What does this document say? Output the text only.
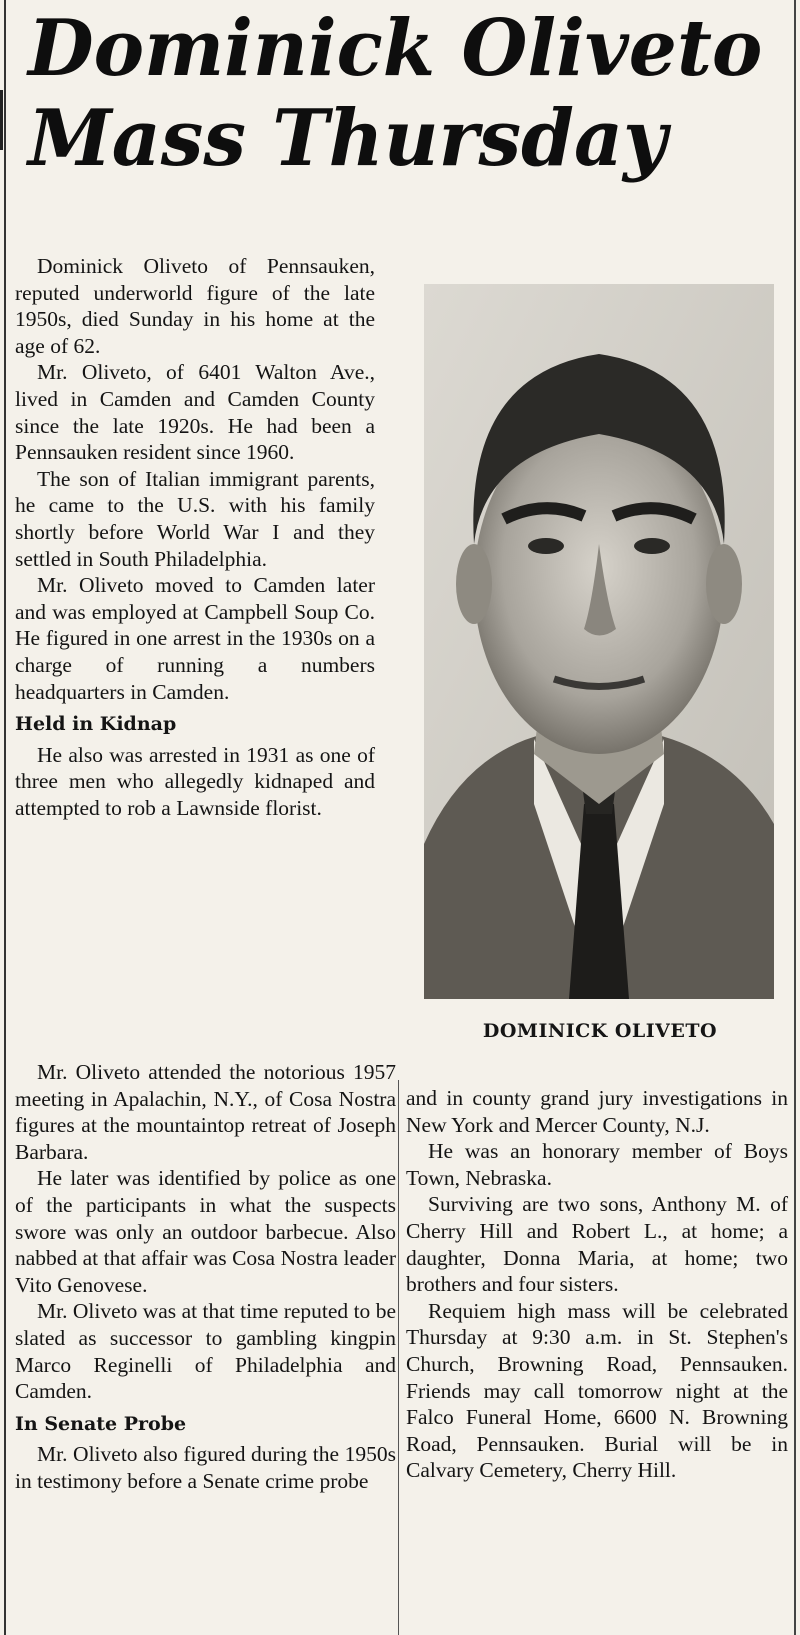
Dominick Oliveto
Mass Thursday

Dominick Oliveto of Pennsauken, reputed underworld figure of the late 1950s, died Sunday in his home at the age of 62.

Mr. Oliveto, of 6401 Walton Ave., lived in Camden and Camden County since the late 1920s. He had been a Pennsauken resident since 1960.

The son of Italian immigrant parents, he came to the U.S. with his family shortly before World War I and they settled in South Philadelphia.

Mr. Oliveto moved to Camden later and was employed at Campbell Soup Co. He figured in one arrest in the 1930s on a charge of running a numbers headquarters in Camden.

Held in Kidnap

He also was arrested in 1931 as one of three men who allegedly kidnaped and attempted to rob a Lawnside florist.

Mr. Oliveto attended the notorious 1957 meeting in Apalachin, N.Y., of Cosa Nostra figures at the mountaintop retreat of Joseph Barbara.

He later was identified by police as one of the participants in what the suspects swore was only an outdoor barbecue. Also nabbed at that affair was Cosa Nostra leader Vito Genovese.

Mr. Oliveto was at that time reputed to be slated as successor to gambling kingpin Marco Reginelli of Philadelphia and Camden.

In Senate Probe

Mr. Oliveto also figured during the 1950s in testimony before a Senate crime probe

DOMINICK OLIVETO

and in county grand jury investigations in New York and Mercer County, N.J.

He was an honorary member of Boys Town, Nebraska.

Surviving are two sons, Anthony M. of Cherry Hill and Robert L., at home; a daughter, Donna Maria, at home; two brothers and four sisters.

Requiem high mass will be celebrated Thursday at 9:30 a.m. in St. Stephen's Church, Browning Road, Pennsauken. Friends may call tomorrow night at the Falco Funeral Home, 6600 N. Browning Road, Pennsauken. Burial will be in Calvary Cemetery, Cherry Hill.
